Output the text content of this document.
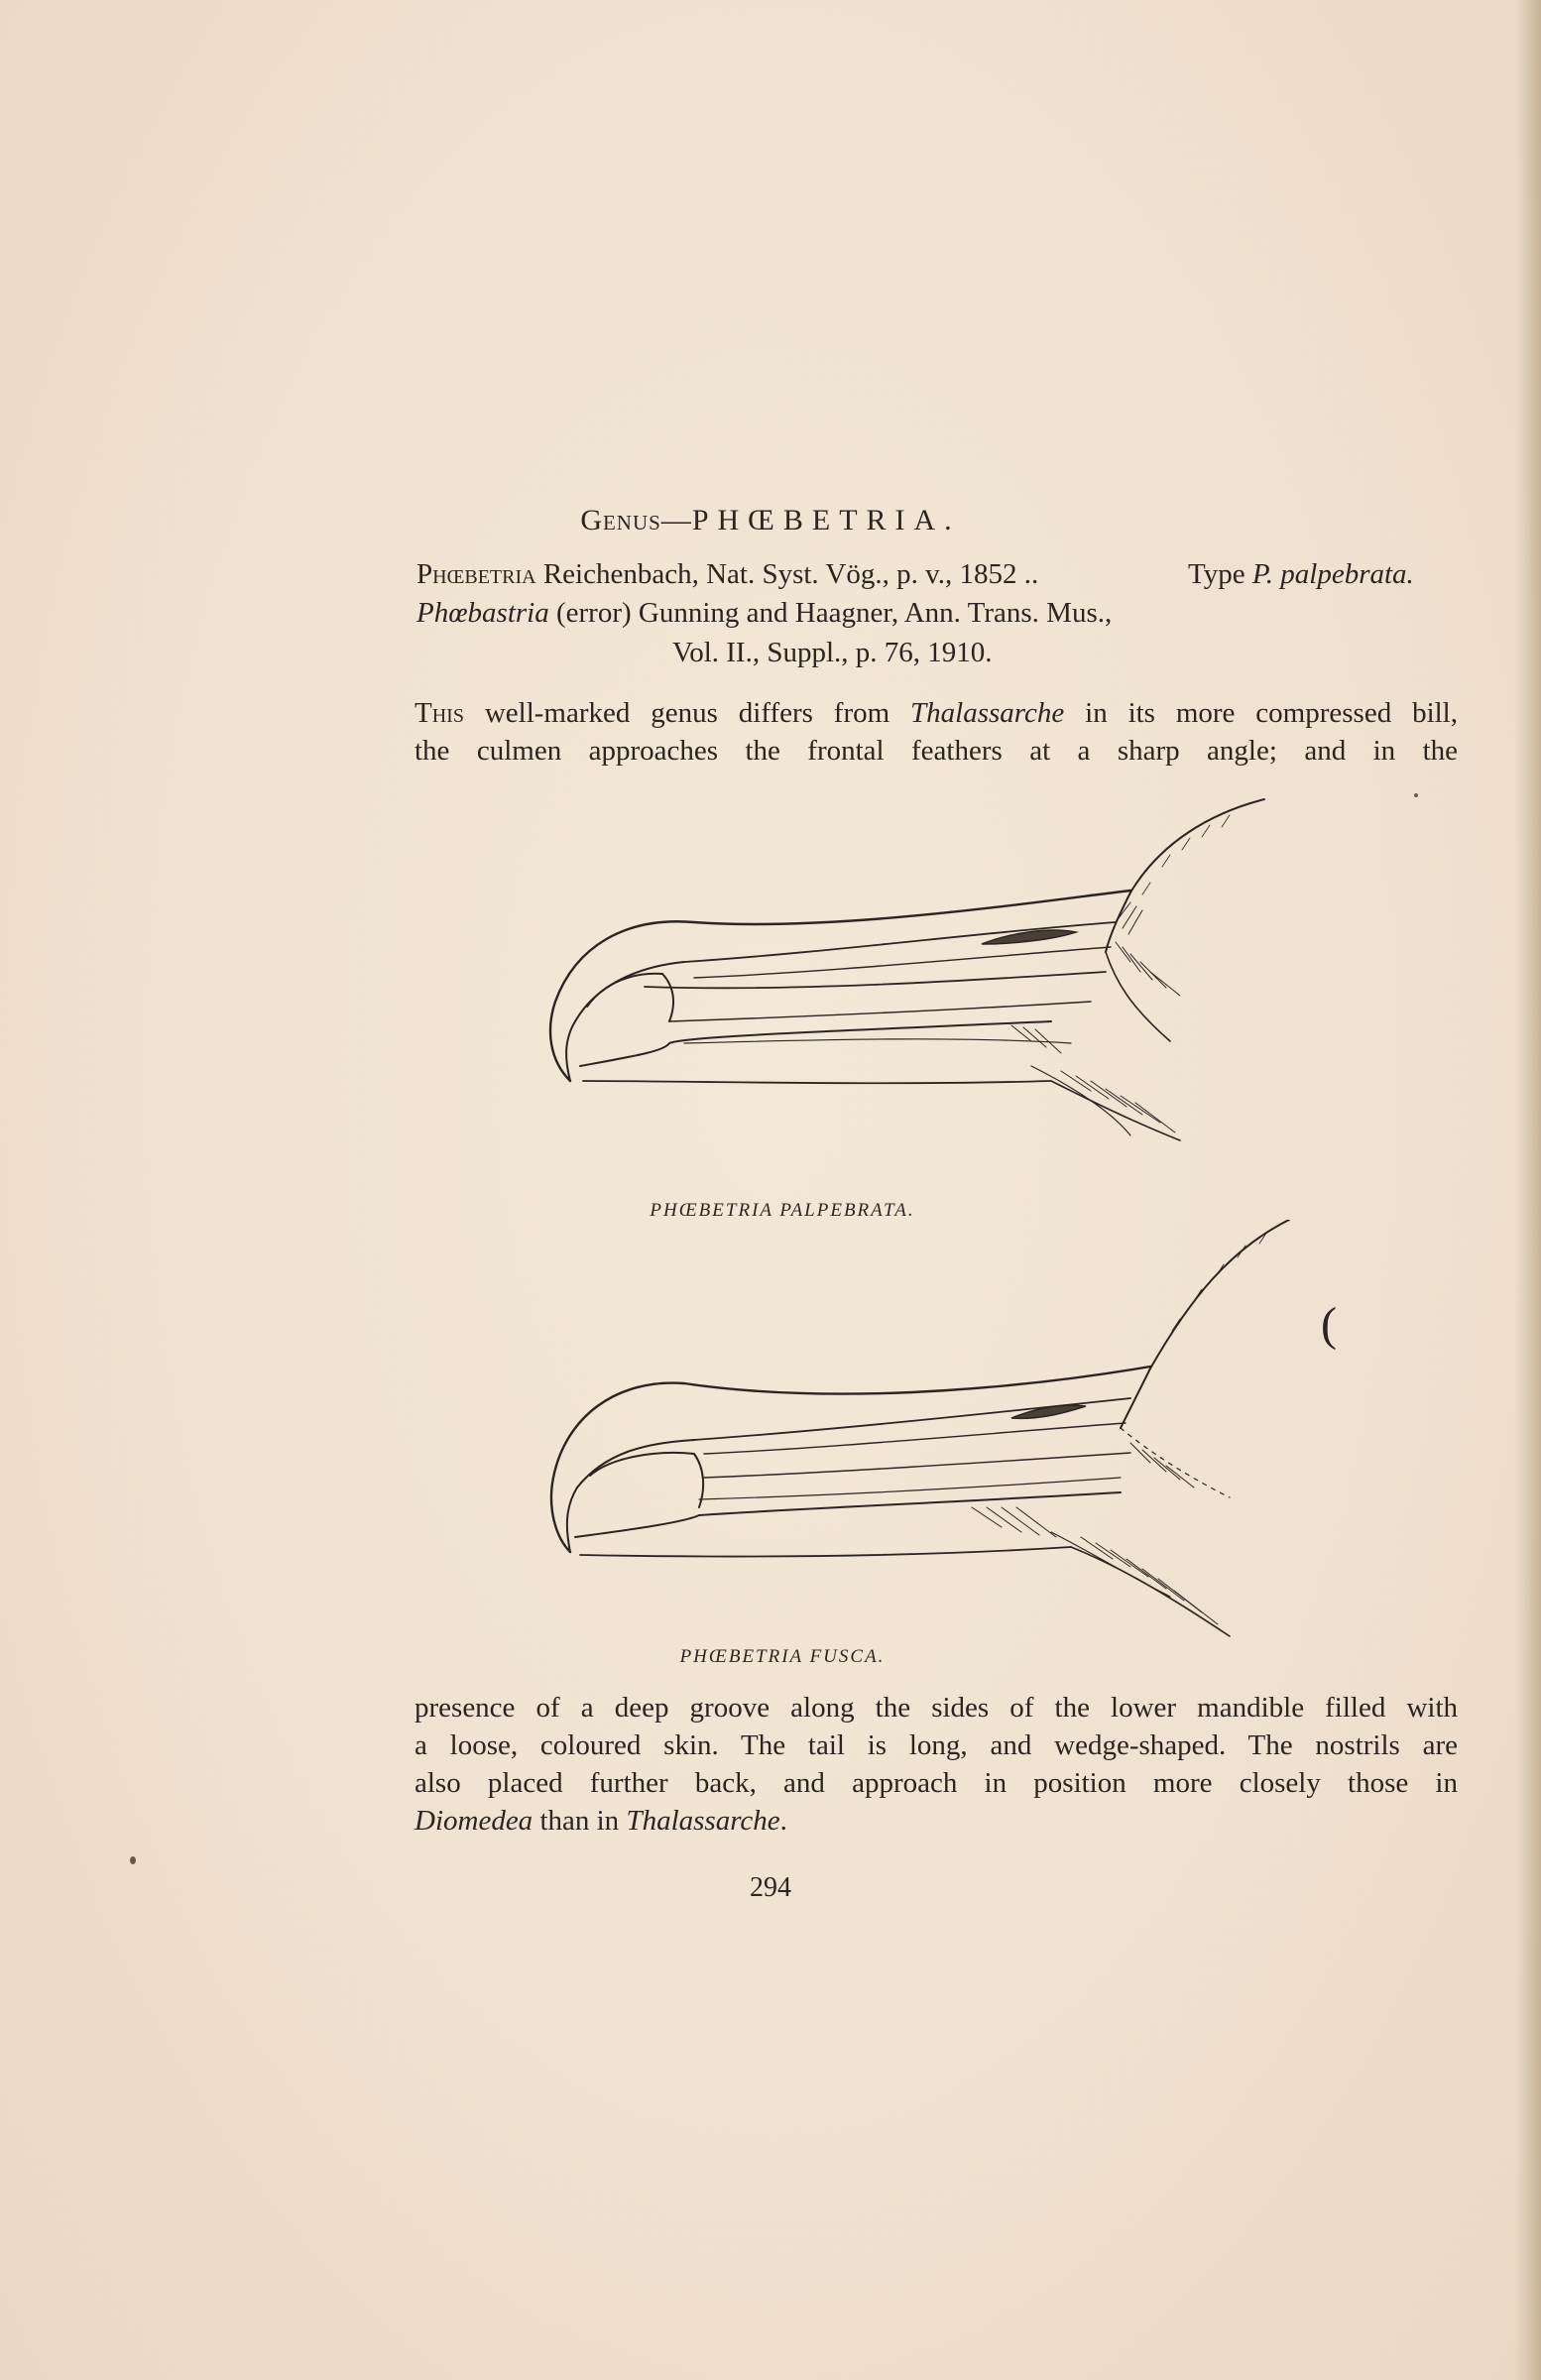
Genus—PHŒBETRIA.
Phœbetria Reichenbach, Nat. Syst. Vög., p. v., 1852 ..	Type P. palpebrata.
Phœbastria (error) Gunning and Haagner, Ann. Trans. Mus.,
Vol. II., Suppl., p. 76, 1910.
This well-marked genus differs from Thalassarche in its more compressed bill,
the culmen approaches the frontal feathers at a sharp angle; and in the
PHŒBETRIA PALPEBRATA.
PHŒBETRIA FUSCA.
(
presence of a deep groove along the sides of the lower mandible filled with
a loose, coloured skin. The tail is long, and wedge-shaped. The nostrils are
also placed further back, and approach in position more closely those in
Diomedea than in Thalassarche.
294
